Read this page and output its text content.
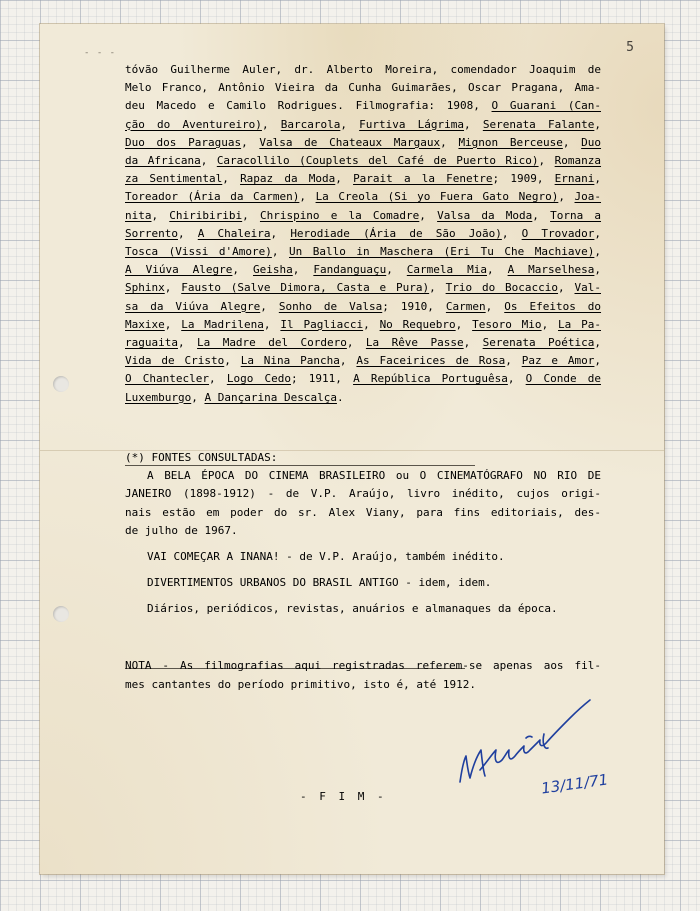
- - -	5
tóvão Guilherme Auler, dr. Alberto Moreira, comendador Joaquim de
Melo Franco, Antônio Vieira da Cunha Guimarães, Oscar Pragana, Ama-
deu Macedo e Camilo Rodrigues. Filmografia: 1908, O Guarani (Can-
ção do Aventureiro), Barcarola, Furtiva Lágrima, Serenata Falante,
Duo dos Paraguas, Valsa de Chateaux Margaux, Mignon Berceuse, Duo
da Africana, Caracollilo (Couplets del Café de Puerto Rico), Romanza
za Sentimental, Rapaz da Moda, Parait a la Fenetre; 1909, Ernani,
Toreador (Ária da Carmen), La Creola (Si yo Fuera Gato Negro), Joa-
nita, Chiribiribi, Chrispino e la Comadre, Valsa da Moda, Torna a
Sorrento, A Chaleira, Herodiade (Ária de São João), O Trovador,
Tosca (Vissi d'Amore), Un Ballo in Maschera (Eri Tu Che Machiave),
A Viúva Alegre, Geisha, Fandanguaçu, Carmela Mia, A Marselhesa,
Sphinx, Fausto (Salve Dimora, Casta e Pura), Trio do Bocaccio, Val-
sa da Viúva Alegre, Sonho de Valsa; 1910, Carmen, Os Efeitos do
Maxixe, La Madrilena, Il Pagliacci, No Requebro, Tesoro Mio, La Pa-
raguaita, La Madre del Cordero, La Rêve Passe, Serenata Poética,
Vida de Cristo, La Nina Pancha, As Faceirices de Rosa, Paz e Amor,
O Chantecler, Logo Cedo; 1911, A República Portuguêsa, O Conde de
Luxemburgo, A Dançarina Descalça.
(*) FONTES CONSULTADAS:
A BELA ÉPOCA DO CINEMA BRASILEIRO ou O CINEMATÓGRAFO NO RIO DE
JANEIRO (1898-1912) - de V.P. Araújo, livro inédito, cujos origi-
nais estão em poder do sr. Alex Viany, para fins editoriais, des-
de julho de 1967.
VAI COMEÇAR A INANA! - de V.P. Araújo, também inédito.
DIVERTIMENTOS URBANOS DO BRASIL ANTIGO - idem, idem.
Diários, periódicos, revistas, anuários e almanaques da época.
NOTA - As filmografias aqui registradas referem-se apenas aos fil-
mes cantantes do período primitivo, isto é, até 1912.
13/11/71
- F I M -
